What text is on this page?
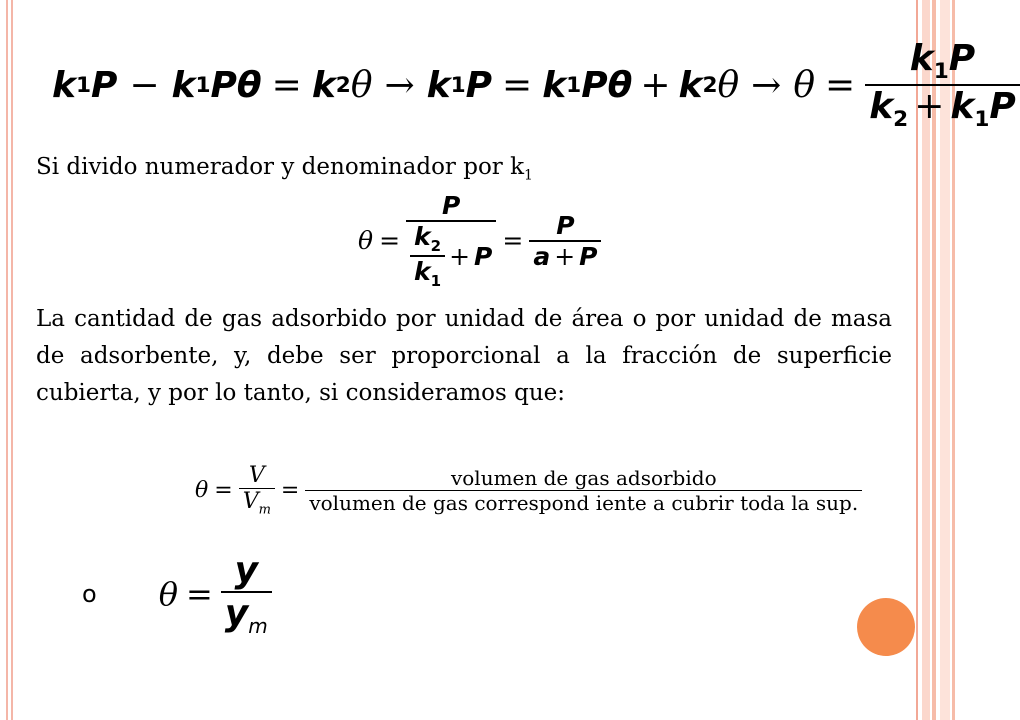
k 1 P − k 1 Pθ = k 2 θ → k 1 P = k 1 Pθ + k 2 $\theta \to \theta = \frac{k_1P}{k_2 + k_1P}$
Si divido numerador y denominador por $k_1$
$\theta = \frac{P}{\frac{k_2}{k_1} + P} = \frac{P}{a + P}$
La cantidad de gas adsorbido por unidad de área o por unidad de masa de adsorbente, y, debe ser proporcional a la fracción de superficie cubierta, y por lo tanto, si consideramos que:
$\theta = \frac{V}{V_m} = \frac{\text{volumen de gas adsorbido}}{\text{volumen de gas correspond iente a cubrir toda la sup.}}$
o $\theta = \frac{y}{y_m}$
